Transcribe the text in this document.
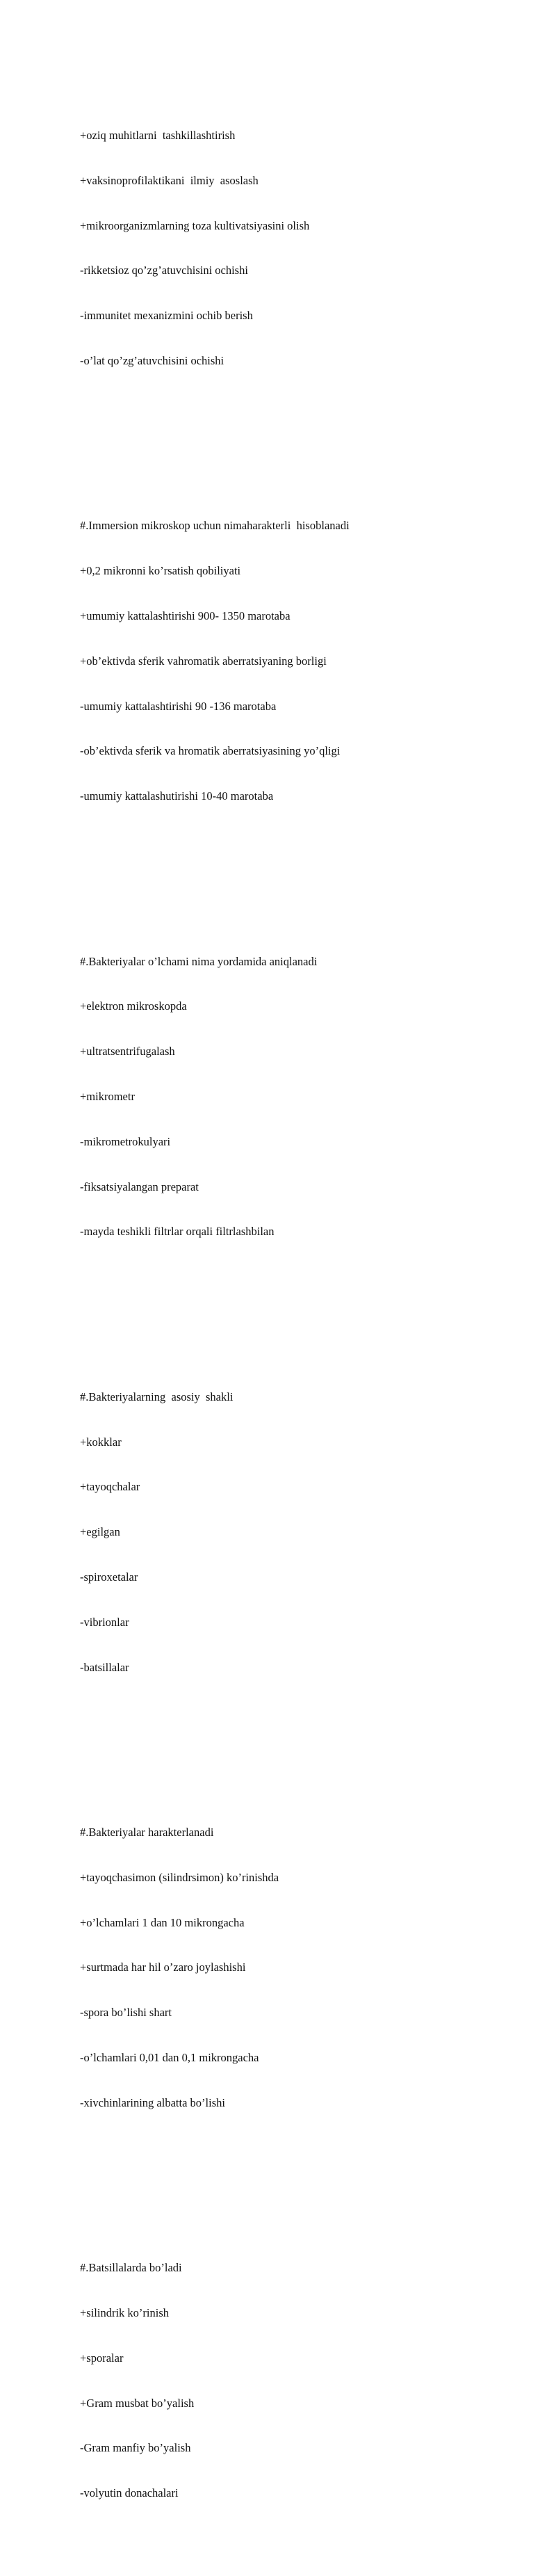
+oziq muhitlarni  tashkillashtirish

+vaksinoprofilaktikani  ilmiy  asoslash

+mikroorganizmlarning toza kultivatsiyasini olish

-rikketsioz qo’zg’atuvchisini ochishi

-immunitet mexanizmini ochib berish

-o’lat qo’zg’atuvchisini ochishi

#.Immersion mikroskop uchun nimaharakterli  hisoblanadi

+0,2 mikronni ko’rsatish qobiliyati

+umumiy kattalashtirishi 900- 1350 marotaba

+ob’ektivda sferik vahromatik aberratsiyaning borligi

-umumiy kattalashtirishi 90 -136 marotaba

-ob’ektivda sferik va hromatik aberratsiyasining yo’qligi

-umumiy kattalashutirishi 10-40 marotaba

#.Bakteriyalar o’lchami nima yordamida aniqlanadi

+elektron mikroskopda

+ultratsentrifugalash

+mikrometr

-mikrometrokulyari

-fiksatsiyalangan preparat

-mayda teshikli filtrlar orqali filtrlashbilan

#.Bakteriyalarning  asosiy  shakli

+kokklar

+tayoqchalar

+egilgan

-spiroxetalar

-vibrionlar

-batsillalar

#.Bakteriyalar harakterlanadi

+tayoqchasimon (silindrsimon) ko’rinishda

+o’lchamlari 1 dan 10 mikrongacha

+surtmada har hil o’zaro joylashishi

-spora bo’lishi shart

-o’lchamlari 0,01 dan 0,1 mikrongacha

-xivchinlarining albatta bo’lishi

#.Batsillalarda bo’ladi

+silindrik ko’rinish

+sporalar

+Gram musbat bo’yalish

-Gram manfiy bo’yalish

-volyutin donachalari
